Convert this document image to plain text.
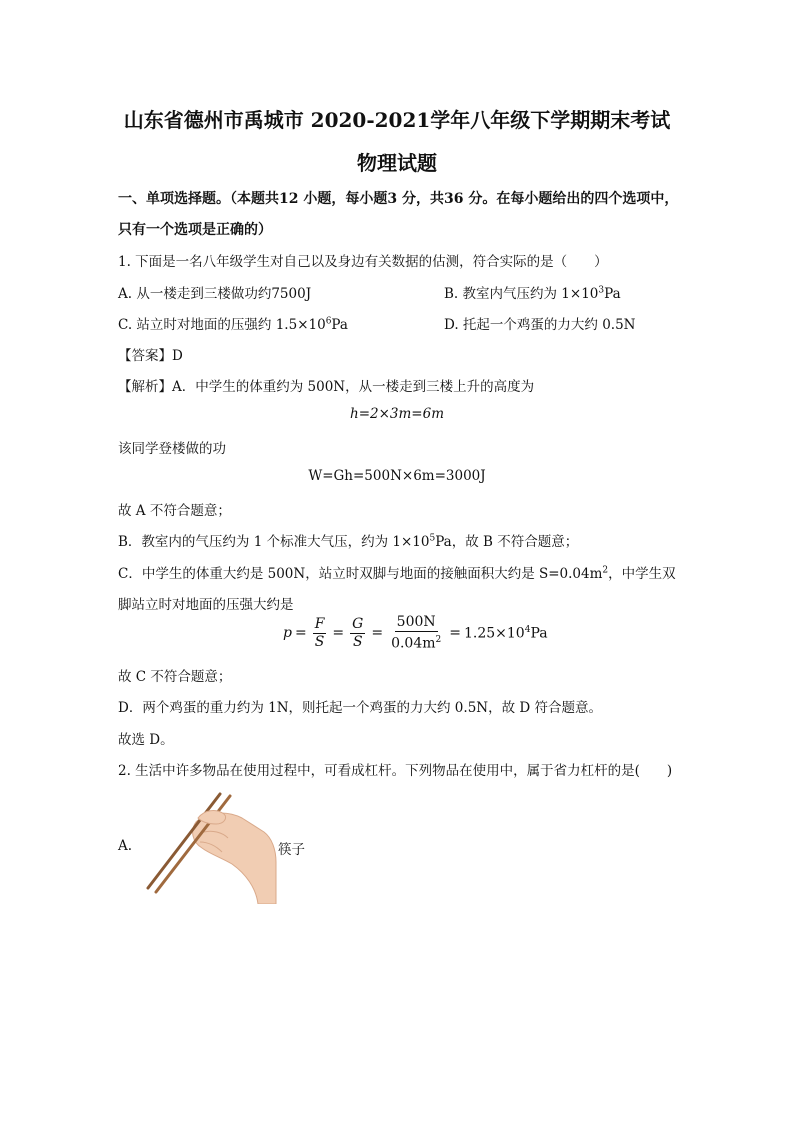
山东省德州市禹城市 2020-2021学年八年级下学期期末考试
物理试题
一、单项选择题。（本题共12 小题，每小题3 分，共36 分。在每小题给出的四个选项中，
只有一个选项是正确的）
1. 下面是一名八年级学生对自己以及身边有关数据的估测，符合实际的是（　　）
A. 从一楼走到三楼做功约7500J	B. 教室内气压约为 $1\times 10^3Pa$
C. 站立时对地面的压强约 $1.5\times 10^6Pa$	D. 托起一个鸡蛋的力大约 0.5N
【答案】D
【解析】A．中学生的体重约为 500N，从一楼走到三楼上升的高度为
h=2×3m=6m
该同学登楼做的功
W=Gh=500N×6m=3000J
故 A 不符合题意；
B．教室内的气压约为 1 个标准大气压，约为 $1\times 10^5Pa$，故 B 不符合题意；
C．中学生的体重大约是 500N，站立时双脚与地面的接触面积大约是 $S=0.04m^2$，中学生双
脚站立时对地面的压强大约是
$p = \frac{F}{S} = \frac{G}{S} = \frac{500N}{0.04m^2} = 1.25\times 10^4Pa$
故 C 不符合题意；
D．两个鸡蛋的重力约为 1N，则托起一个鸡蛋的力大约 0.5N，故 D 符合题意。
故选 D。
2. 生活中许多物品在使用过程中，可看成杠杆。下列物品在使用中，属于省力杠杆的是(　　)
A.	筷子
